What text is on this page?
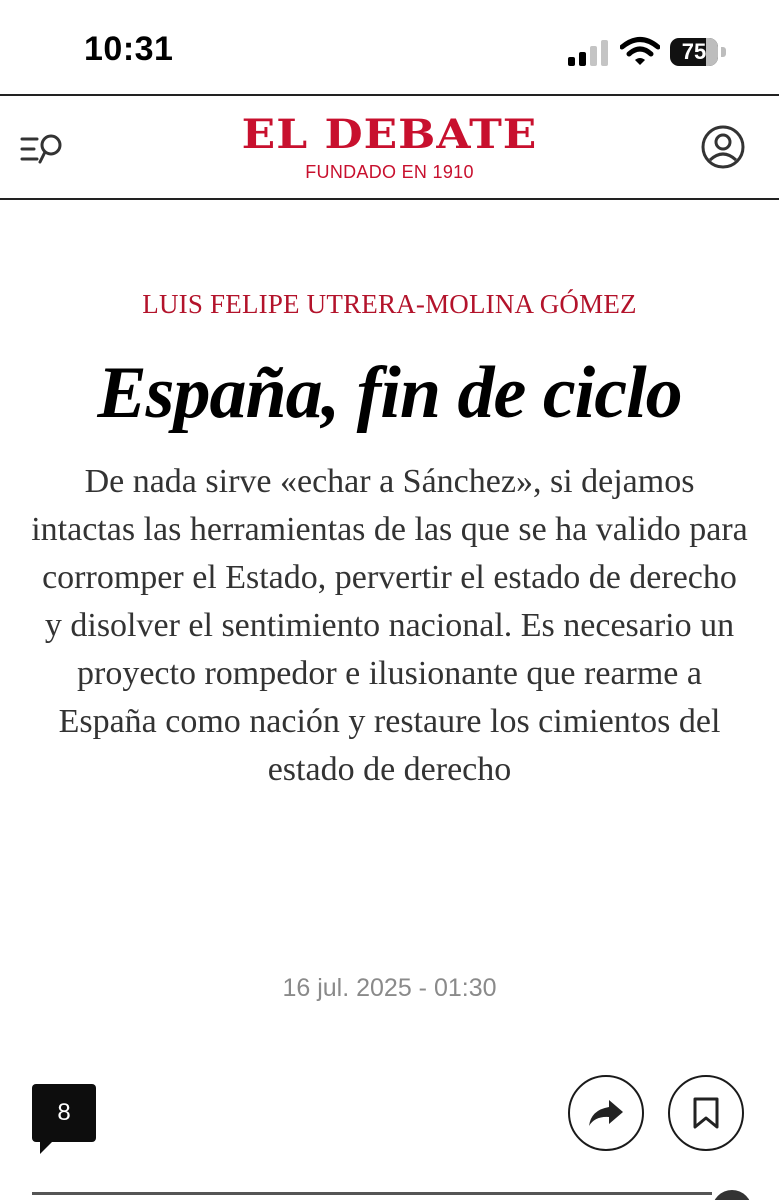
10:31	75
EL DEBATE
FUNDADO EN 1910
LUIS FELIPE UTRERA-MOLINA GÓMEZ
España, fin de ciclo

De nada sirve «echar a Sánchez», si dejamos intactas las herramientas de las que se ha valido para corromper el Estado, pervertir el estado de derecho y disolver el sentimiento nacional. Es necesario un proyecto rompedor e ilusionante que rearme a España como nación y restaure los cimientos del estado de derecho

16 jul. 2025 - 01:30
8
